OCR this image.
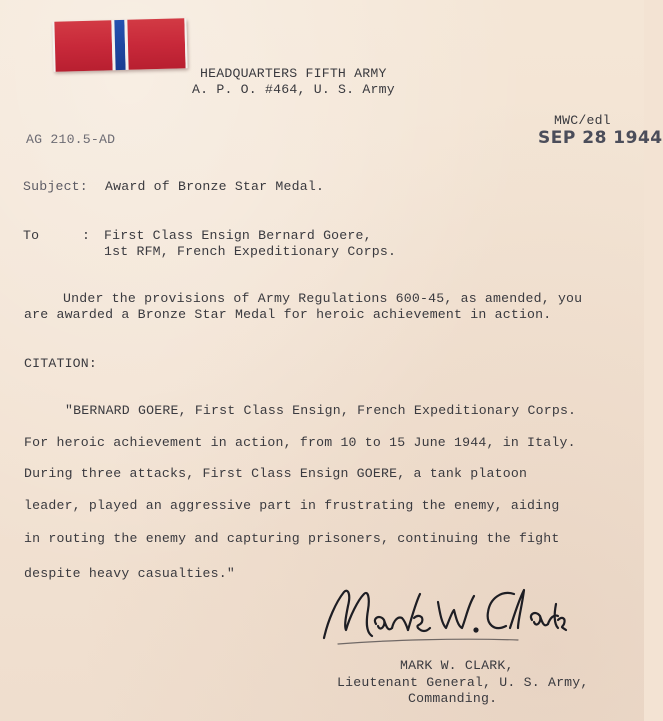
HEADQUARTERS FIFTH ARMY
A. P. O. #464, U. S. Army
MWC/edl
SEP 28 1944
AG 210.5-AD
Subject: Award of Bronze Star Medal.
To	: First Class Ensign Bernard Goere,
1st RFM, French Expeditionary Corps.
Under the provisions of Army Regulations 600-45, as amended, you
are awarded a Bronze Star Medal for heroic achievement in action.
CITATION:
"BERNARD GOERE, First Class Ensign, French Expeditionary Corps.
For heroic achievement in action, from 10 to 15 June 1944, in Italy.
During three attacks, First Class Ensign GOERE, a tank platoon
leader, played an aggressive part in frustrating the enemy, aiding
in routing the enemy and capturing prisoners, continuing the fight
despite heavy casualties."
MARK W. CLARK,
Lieutenant General, U. S. Army,
Commanding.
